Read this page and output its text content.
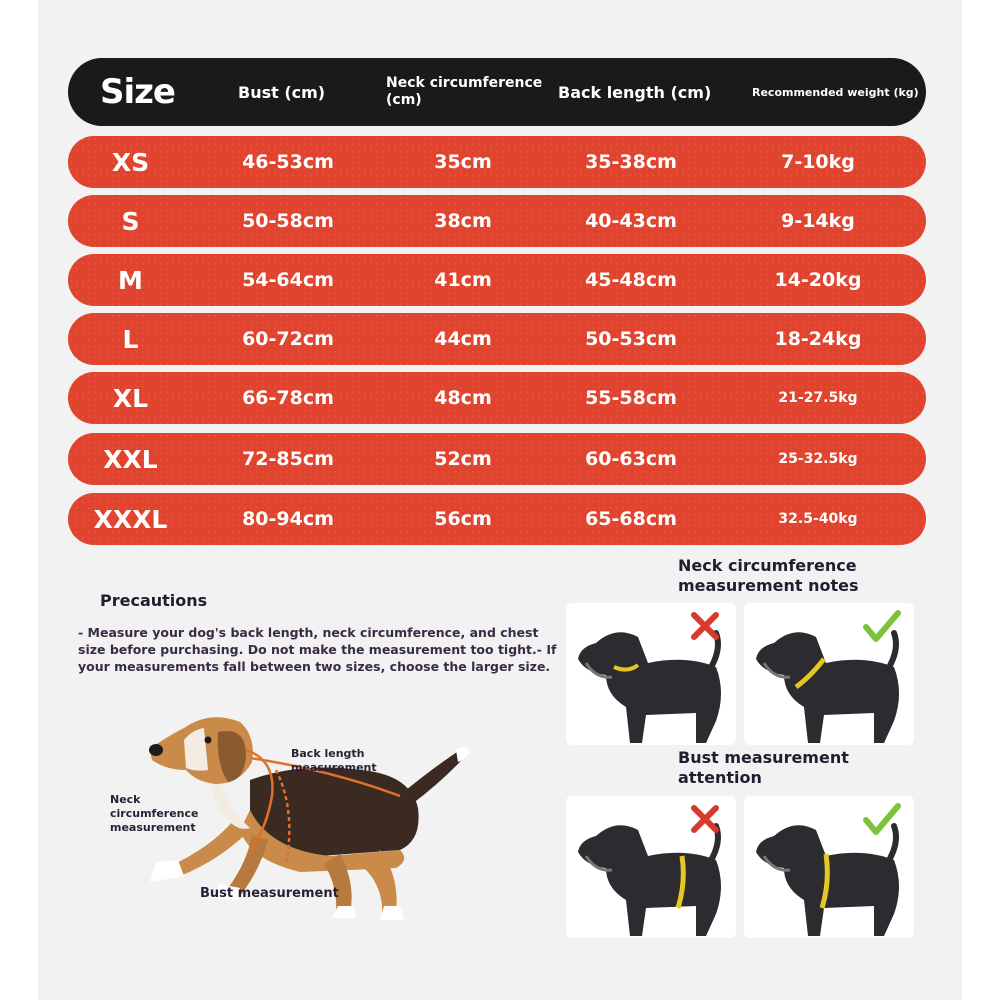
Size	Bust (cm)	Neck circumference (cm)	Back length (cm)	Recommended weight (kg)
XS	46-53cm	35cm	35-38cm	7-10kg
S	50-58cm	38cm	40-43cm	9-14kg
M	54-64cm	41cm	45-48cm	14-20kg
L	60-72cm	44cm	50-53cm	18-24kg
XL	66-78cm	48cm	55-58cm	21-27.5kg
XXL	72-85cm	52cm	60-63cm	25-32.5kg
XXXL	80-94cm	56cm	65-68cm	32.5-40kg
Precautions
- Measure your dog's back length, neck circumference, and chest size before purchasing. Do not make the measurement too tight.- If your measurements fall between two sizes, choose the larger size.
Back length measurement
Neck circumference measurement
Bust measurement
Neck circumference measurement notes
Bust measurement attention
